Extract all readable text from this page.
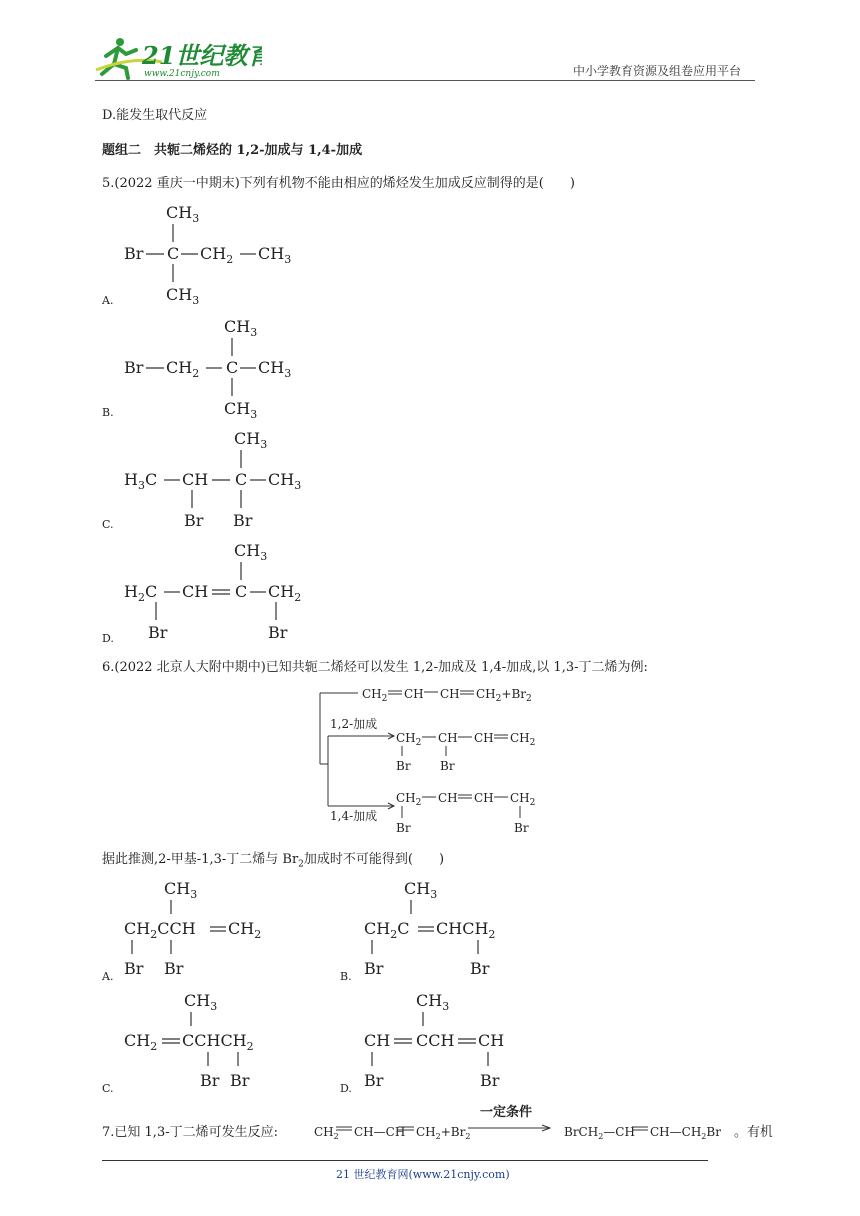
21世纪教育
www.21cnjy.com	中小学教育资源及组卷应用平台
D.能发生取代反应
题组二　共轭二烯烃的 1,2-加成与 1,4-加成
5.(2022 重庆一中期末)下列有机物不能由相应的烯烃发生加成反应制得的是(　　)
$CH_3$
Br C $CH_2$ $CH_3$
$CH_3$
A.
$CH_3$
Br $CH_2$ C $CH_3$
$CH_3$
B.
$CH_3$
$H_3C$ CH C $CH_3$
Br Br
C.
$CH_3$
$H_2C$ CH C $CH_2$
Br	Br
D.
6.(2022 北京人大附中期中)已知共轭二烯烃可以发生 1,2-加成及 1,4-加成,以 1,3-丁二烯为例:
$CH_2$ CH CH $CH_2+Br_2$
1,2-加成
1,4-加成
$CH_2$ CH CH $CH_2$
Br Br
$CH_2$ CH CH $CH_2$
Br	Br
据此推测,2-甲基-1,3-丁二烯与 $Br_2$加成时不可能得到(　　)
$CH_3$
$CH_2CCH$ $CH_2$
Br Br
A.
$CH_3$
$CH_2C$ $CHCH_2$
Br	Br
B.
$CH_3$
$CH_2$ $CCHCH_2$
Br Br
C.
$CH_3$
CH CCH CH
Br	Br
D.
7.已知 1,3-丁二烯可发生反应:	$CH_2$ CH—CH $CH_2+Br_2$
一定条件
BrCH$_2$—CH $CH—CH_2Br$ 。有机
21 世纪教育网(www.21cnjy.com)
